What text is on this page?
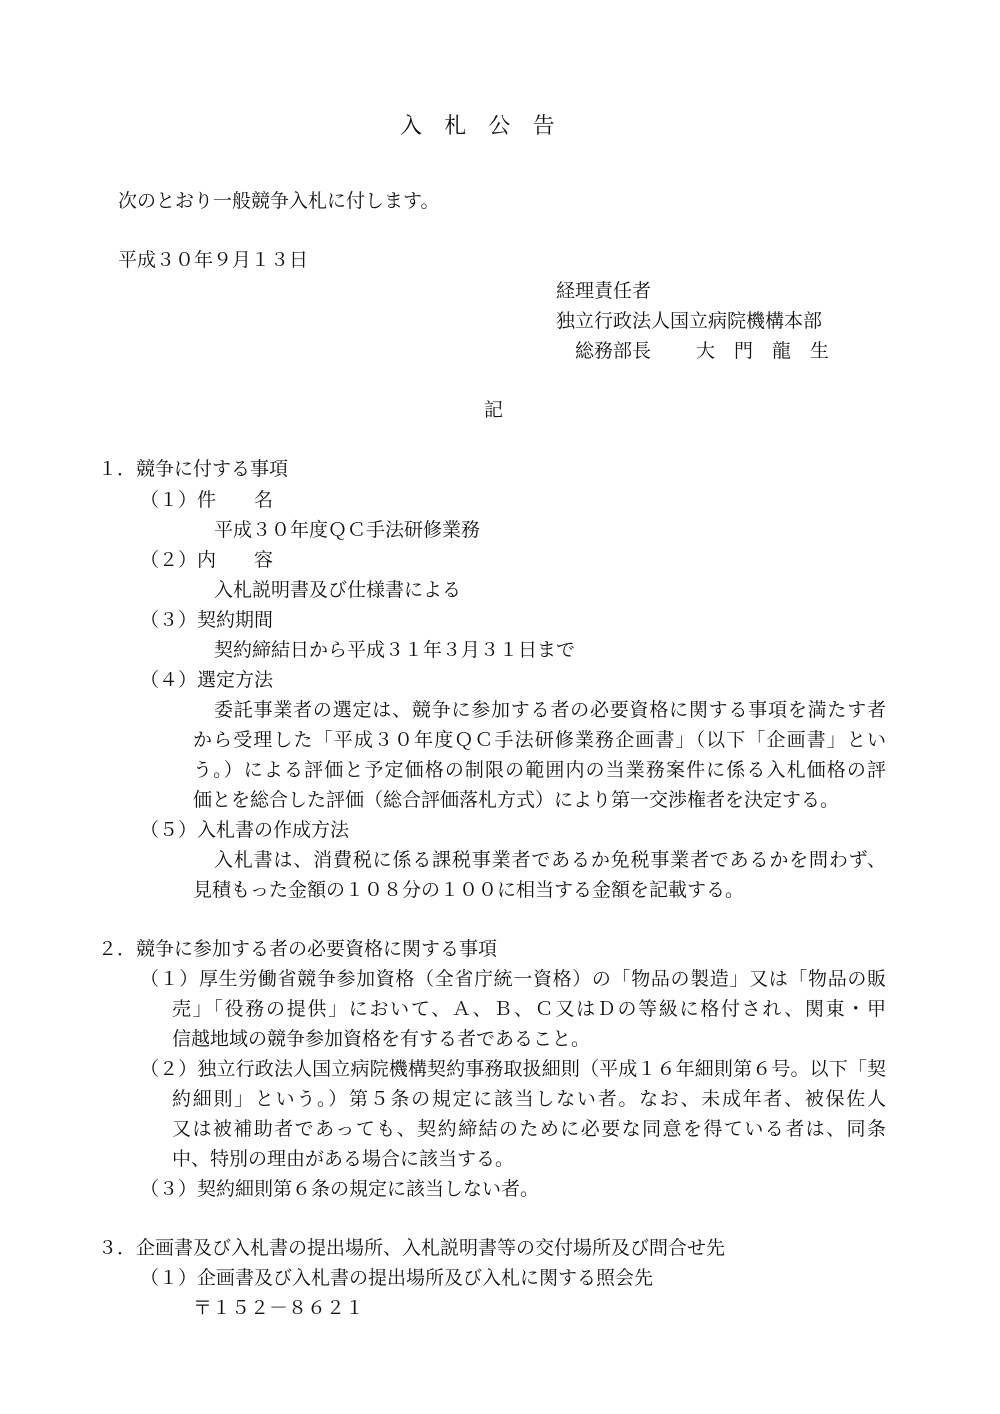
入　札　公　告
次のとおり一般競争入札に付します。
平成３０年９月１３日
経理責任者
独立行政法人国立病院機構本部
総務部長 大　門　龍　生
記
１．競争に付する事項
（１）件　　名
平成３０年度ＱＣ手法研修業務
（２）内　　容
入札説明書及び仕様書による
（３）契約期間
契約締結日から平成３１年３月３１日まで
（４）選定方法
委託事業者の選定は、競争に参加する者の必要資格に関する事項を満たす者
から受理した「平成３０年度ＱＣ手法研修業務企画書」（以下「企画書」とい
う。）による評価と予定価格の制限の範囲内の当業務案件に係る入札価格の評
価とを総合した評価（総合評価落札方式）により第一交渉権者を決定する。
（５）入札書の作成方法
入札書は、消費税に係る課税事業者であるか免税事業者であるかを問わず、
見積もった金額の１０８分の１００に相当する金額を記載する。
２．競争に参加する者の必要資格に関する事項
（１）厚生労働省競争参加資格（全省庁統一資格）の「物品の製造」又は「物品の販
売」「役務の提供」において、Ａ、Ｂ、Ｃ又はＤの等級に格付され、関東・甲
信越地域の競争参加資格を有する者であること。
（２）独立行政法人国立病院機構契約事務取扱細則（平成１６年細則第６号。以下「契
約細則」という。）第５条の規定に該当しない者。なお、未成年者、被保佐人
又は被補助者であっても、契約締結のために必要な同意を得ている者は、同条
中、特別の理由がある場合に該当する。
（３）契約細則第６条の規定に該当しない者。
３．企画書及び入札書の提出場所、入札説明書等の交付場所及び問合せ先
（１）企画書及び入札書の提出場所及び入札に関する照会先
〒１５２－８６２１
